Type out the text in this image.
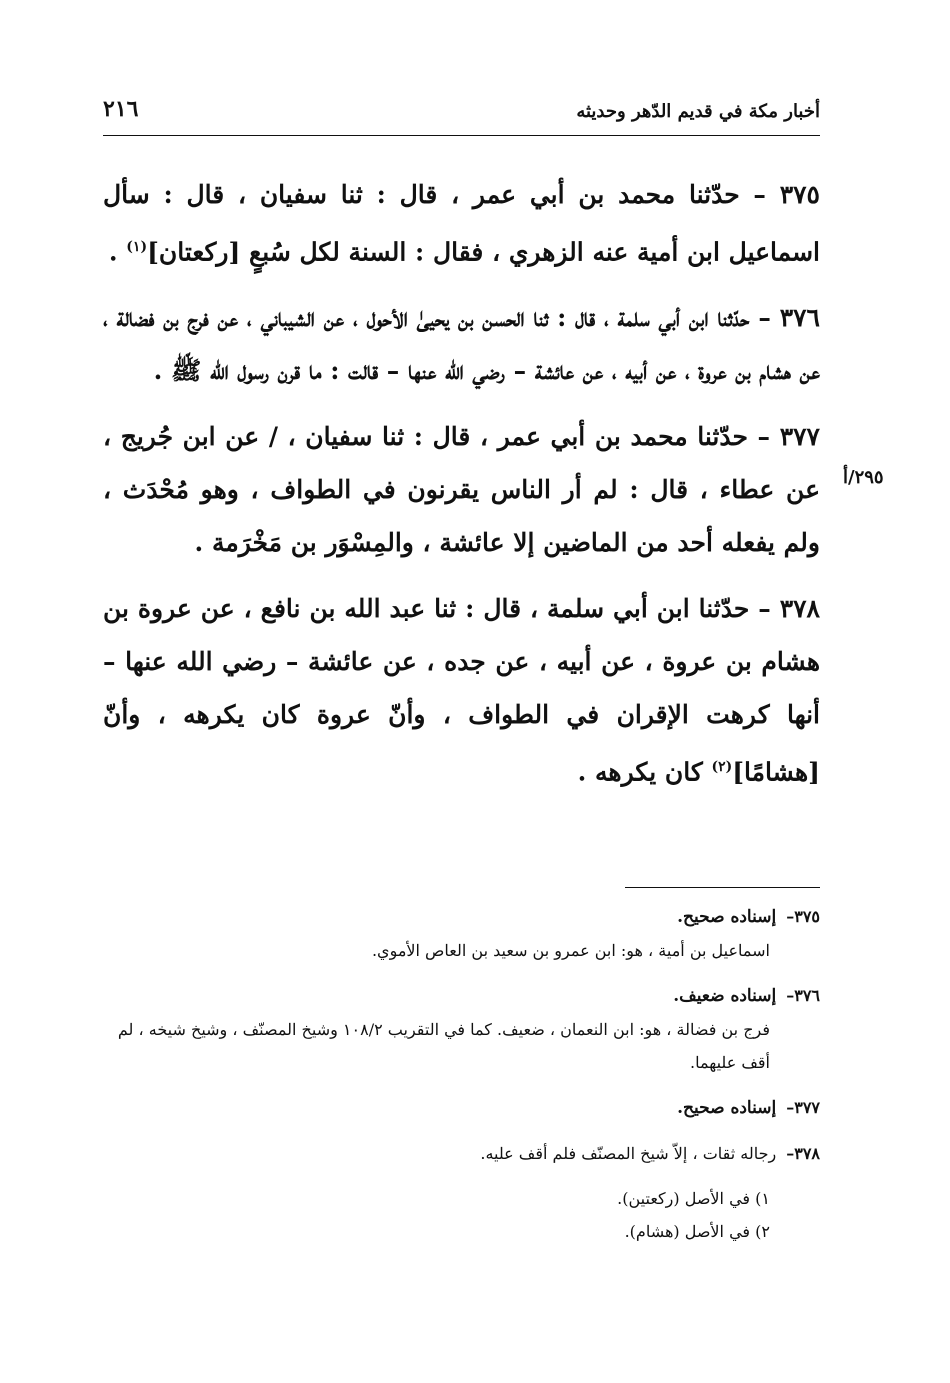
٢١٦	أخبار مكة في قديم الدّهر وحديثه

٣٧٥ – حدّثنا محمد بن أبي عمر ، قال : ثنا سفيان ، قال : سأل اسماعيل ابن أمية عنه الزهري ، فقال : السنة لكل سُبعٍ [ركعتان]$^{(١)}$ .

٣٧٦ – حدّثنا ابن أبي سلمة ، قال : ثنا الحسن بن يحيىٰ الأحول ، عن الشيباني ، عن فرج بن فضالة ، عن هشام بن عروة ، عن أبيه ، عن عائشة – رضي الله عنها – قالت : ما قرن رسول الله ﷺ .

٣٧٧ – حدّثنا محمد بن أبي عمر ، قال : ثنا سفيان ، / عن ابن جُريج ، عن عطاء ، قال : لم أر الناس يقرنون في الطواف ، وهو مُحْدَث ، ولم يفعله أحد من الماضين إلا عائشة ، والمِسْوَر بن مَخْرَمة .

٣٧٨ – حدّثنا ابن أبي سلمة ، قال : ثنا عبد الله بن نافع ، عن عروة بن هشام بن عروة ، عن أبيه ، عن جده ، عن عائشة – رضي الله عنها – أنها كرهت الإقران في الطواف ، وأنّ عروة كان يكرهه ، وأنّ [هشامًا]$^{(٢)}$ كان يكرهه .

٢٩٥/أ
٣٧٥–إسناده صحيح.
اسماعيل بن أمية ، هو: ابن عمرو بن سعيد بن العاص الأموي.
٣٧٦–إسناده ضعيف.
فرج بن فضالة ، هو: ابن النعمان ، ضعيف. كما في التقريب ١٠٨/٢ وشيخ المصنّف ، وشيخ شيخه ، لم أقف عليهما.
٣٧٧–إسناده صحيح.
٣٧٨–رجاله ثقات ، إلاّ شيخ المصنّف فلم أقف عليه.
١) في الأصل (ركعتين).
٢) في الأصل (هشام).
